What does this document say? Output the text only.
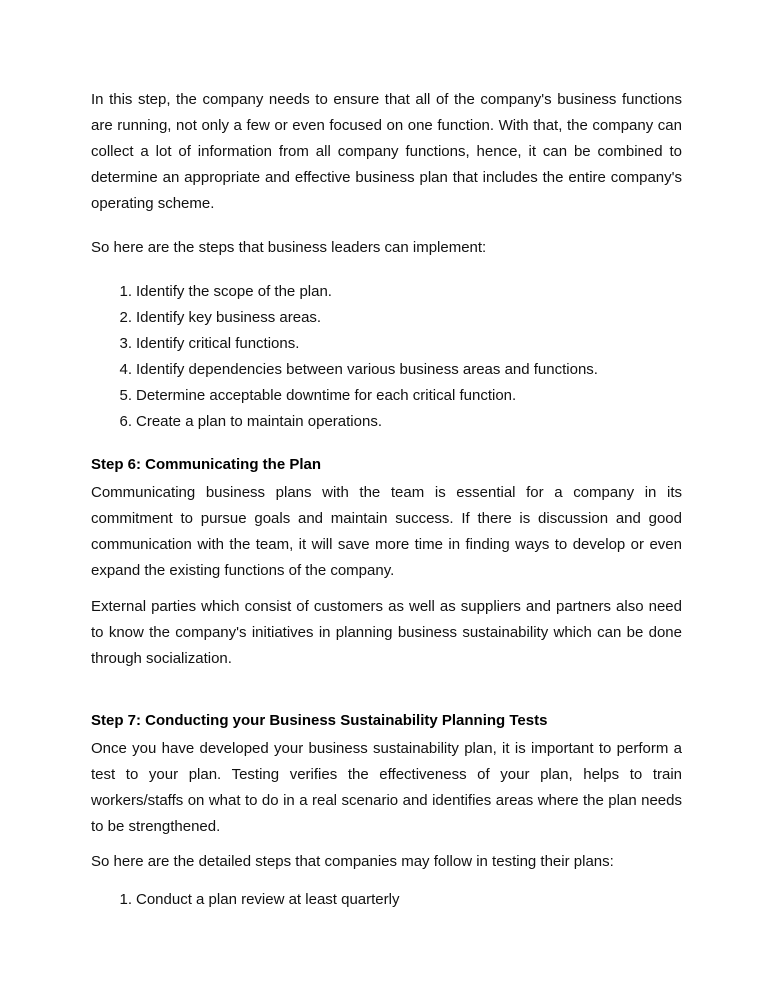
In this step, the company needs to ensure that all of the company's business functions are running, not only a few or even focused on one function. With that, the company can collect a lot of information from all company functions, hence, it can be combined to determine an appropriate and effective business plan that includes the entire company's operating scheme.

So here are the steps that business leaders can implement:

1. Identify the scope of the plan.
2. Identify key business areas.
3. Identify critical functions.
4. Identify dependencies between various business areas and functions.
5. Determine acceptable downtime for each critical function.
6. Create a plan to maintain operations.
Step 6: Communicating the Plan

Communicating business plans with the team is essential for a company in its commitment to pursue goals and maintain success. If there is discussion and good communication with the team, it will save more time in finding ways to develop or even expand the existing functions of the company.

External parties which consist of customers as well as suppliers and partners also need to know the company's initiatives in planning business sustainability which can be done through socialization.

Step 7: Conducting your Business Sustainability Planning Tests

Once you have developed your business sustainability plan, it is important to perform a test to your plan. Testing verifies the effectiveness of your plan, helps to train workers/staffs on what to do in a real scenario and identifies areas where the plan needs to be strengthened.

So here are the detailed steps that companies may follow in testing their plans:

1. Conduct a plan review at least quarterly
